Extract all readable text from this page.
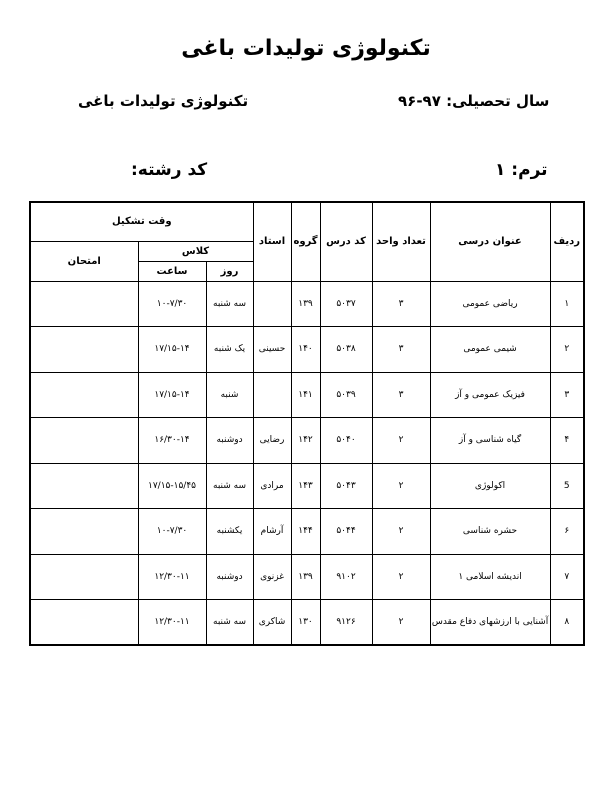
تکنولوژی تولیدات باغی
تکنولوژی تولیدات باغی	سال تحصیلی: ۹۷-۹۶
کد رشته:	ترم: ۱
ردیف	عنوان درسی	تعداد واحد	کد درس	گروه	استاد	وقت تشکیل		
						کلاس		امتحان
						روز	ساعت	
۱	ریاضی عمومی	۳	۵۰۳۷	۱۳۹		سه شنبه	۱۰-۷/۳۰	
۲	شیمی عمومی	۳	۵۰۳۸	۱۴۰	حسینی	یک شنبه	۱۷/۱۵-۱۴	
۳	فیزیک عمومی و آز	۳	۵۰۳۹	۱۴۱		شنبه	۱۷/۱۵-۱۴	
۴	گیاه شناسی و آز	۲	۵۰۴۰	۱۴۲	رضایی	دوشنبه	۱۶/۳۰-۱۴	
5	اکولوژی	۲	۵۰۴۳	۱۴۳	مرادی	سه شنبه	۱۷/۱۵-۱۵/۴۵	
۶	حشره شناسی	۲	۵۰۴۴	۱۴۴	آرشام	یکشنبه	۱۰-۷/۳۰	
۷	اندیشه اسلامی ۱	۲	۹۱۰۲	۱۳۹	غزنوی	دوشنبه	۱۲/۳۰-۱۱	
۸	آشنایی با ارزشهای دفاع مقدس	۲	۹۱۲۶	۱۳۰	شاکری	سه شنبه	۱۲/۳۰-۱۱	
